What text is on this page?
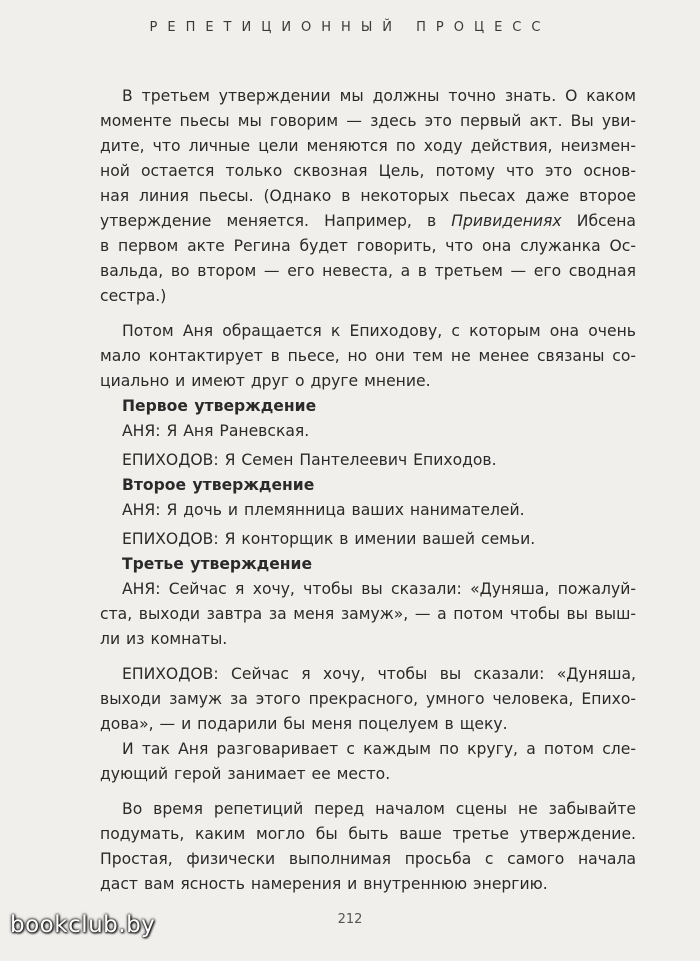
РЕПЕТИЦИОННЫЙ ПРОЦЕСС

В третьем утверждении мы должны точно знать. О каком

моменте пьесы мы говорим — здесь это первый акт. Вы уви-

дите, что личные цели меняются по ходу действия, неизмен-

ной остается только сквозная Цель, потому что это основ-

ная линия пьесы. (Однако в некоторых пьесах даже второе

утверждение меняется. Например, в Привидениях Ибсена

в первом акте Регина будет говорить, что она служанка Ос-

вальда, во втором — его невеста, а в третьем — его сводная

сестра.)

Потом Аня обращается к Епиходову, с которым она очень

мало контактирует в пьесе, но они тем не менее связаны со-

циально и имеют друг о друге мнение.

Первое утверждение

АНЯ: Я Аня Раневская.

ЕПИХОДОВ: Я Семен Пантелеевич Епиходов.

Второе утверждение

АНЯ: Я дочь и племянница ваших нанимателей.

ЕПИХОДОВ: Я конторщик в имении вашей семьи.

Третье утверждение

АНЯ: Сейчас я хочу, чтобы вы сказали: «Дуняша, пожалуй-

ста, выходи завтра за меня замуж», — а потом чтобы вы выш-

ли из комнаты.

ЕПИХОДОВ: Сейчас я хочу, чтобы вы сказали: «Дуняша,

выходи замуж за этого прекрасного, умного человека, Епихо-

дова», — и подарили бы меня поцелуем в щеку.

И так Аня разговаривает с каждым по кругу, а потом сле-

дующий герой занимает ее место.

Во время репетиций перед началом сцены не забывайте

подумать, каким могло бы быть ваше третье утверждение.

Простая, физически выполнимая просьба с самого начала

даст вам ясность намерения и внутреннюю энергию.

212
bookclub.by
